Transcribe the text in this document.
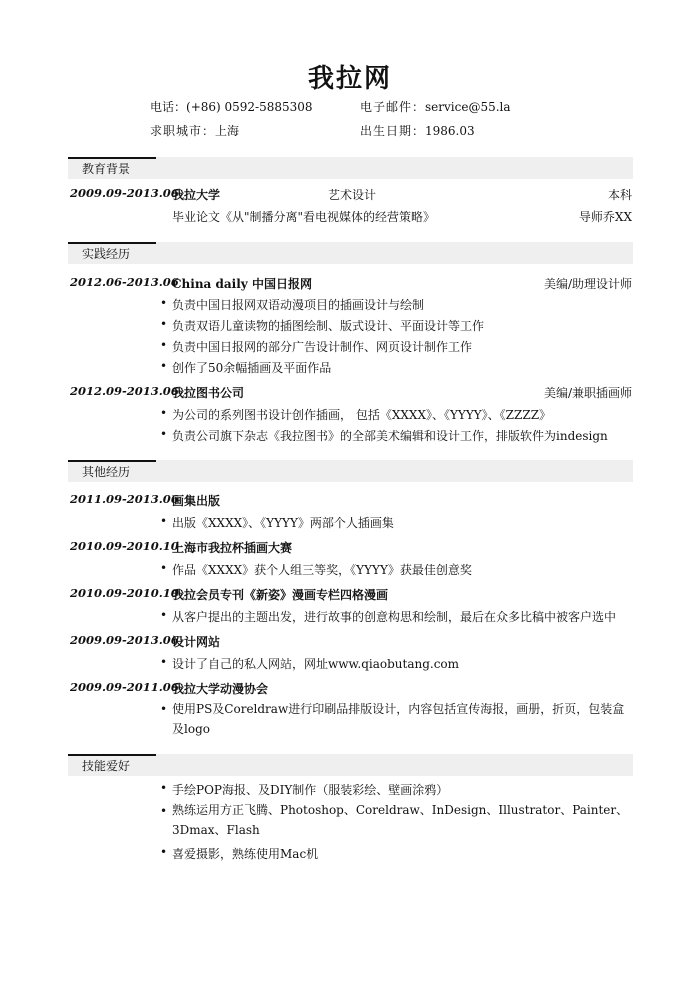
我拉网
电话：(+86) 0592-5885308	电子邮件：service@55.la
求职城市：上海	出生日期：1986.03
教育背景
2009.09-2013.06
我拉大学	艺术设计	本科
毕业论文《从"制播分离"看电视媒体的经营策略》	导师乔XX
实践经历
2012.06-2013.06
China daily 中国日报网	美编/助理设计师
• 负责中国日报网双语动漫项目的插画设计与绘制
• 负责双语儿童读物的插图绘制、版式设计、平面设计等工作
• 负责中国日报网的部分广告设计制作、网页设计制作工作
• 创作了50余幅插画及平面作品
2012.09-2013.06
我拉图书公司	美编/兼职插画师
• 为公司的系列图书设计创作插画， 包括《XXXX》、《YYYY》、《ZZZZ》
• 负责公司旗下杂志《我拉图书》的全部美术编辑和设计工作，排版软件为indesign
其他经历
2011.09-2013.06
画集出版
• 出版《XXXX》、《YYYY》两部个人插画集
2010.09-2010.10
上海市我拉杯插画大赛
• 作品《XXXX》获个人组三等奖，《YYYY》获最佳创意奖
2010.09-2010.10
我拉会员专刊《新姿》漫画专栏四格漫画
• 从客户提出的主题出发，进行故事的创意构思和绘制，最后在众多比稿中被客户选中
2009.09-2013.06
设计网站
• 设计了自己的私人网站，网址www.qiaobutang.com
2009.09-2011.06
我拉大学动漫协会
• 使用PS及Coreldraw进行印刷品排版设计，内容包括宣传海报，画册，折页，包装盒及logo
技能爱好
• 手绘POP海报、及DIY制作（服装彩绘、壁画涂鸦）
• 熟练运用方正飞腾、Photoshop、Coreldraw、InDesign、Illustrator、Painter、3Dmax、Flash
• 喜爱摄影，熟练使用Mac机
